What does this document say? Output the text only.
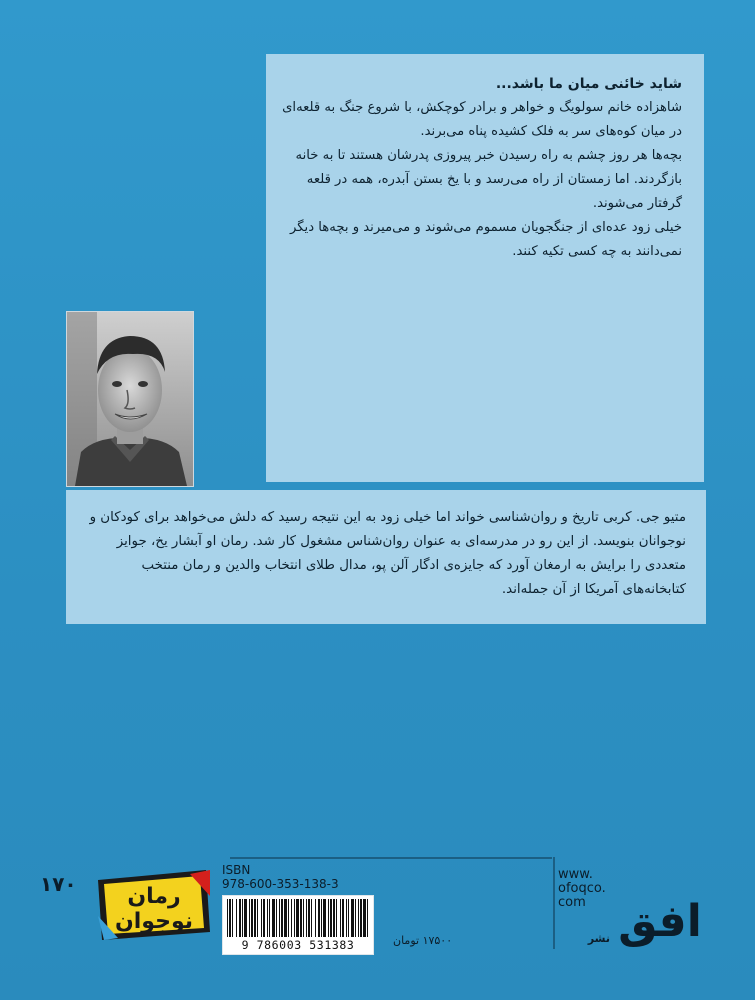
شاید خائنی میان ما باشد...

شاهزاده خانم سولویگ و خواهر و برادر کوچکش، با شروع جنگ به قلعه‌ای در میان کوه‌های سر به فلک کشیده پناه می‌برند.

بچه‌ها هر روز چشم به راه رسیدن خبر پیروزی پدرشان هستند تا به خانه بازگردند. اما زمستان از راه می‌رسد و با یخ بستن آبدره، همه در قلعه گرفتار می‌شوند.

خیلی زود عده‌ای از جنگجویان مسموم می‌شوند و می‌میرند و بچه‌ها دیگر نمی‌دانند به چه کسی تکیه کنند.

متیو جی. کربی تاریخ و روان‌شناسی خواند اما خیلی زود به این نتیجه رسید که دلش می‌خواهد برای کودکان و نوجوانان بنویسد. از این رو در مدرسه‌ای به عنوان روان‌شناس مشغول کار شد. رمان او آبشار یخ، جوایز متعددی را برایش به ارمغان آورد که جایزه‌ی ادگار آلن پو، مدال طلای انتخاب والدین و رمان منتخب کتابخانه‌های آمریکا از آن جمله‌اند.
۱۷۰ رمان
نوجوان

ISBN

978-600-353-138-3

9 786003 531383	۱۷۵۰۰ تومان
www.
ofoqco.
com افق
نشر
